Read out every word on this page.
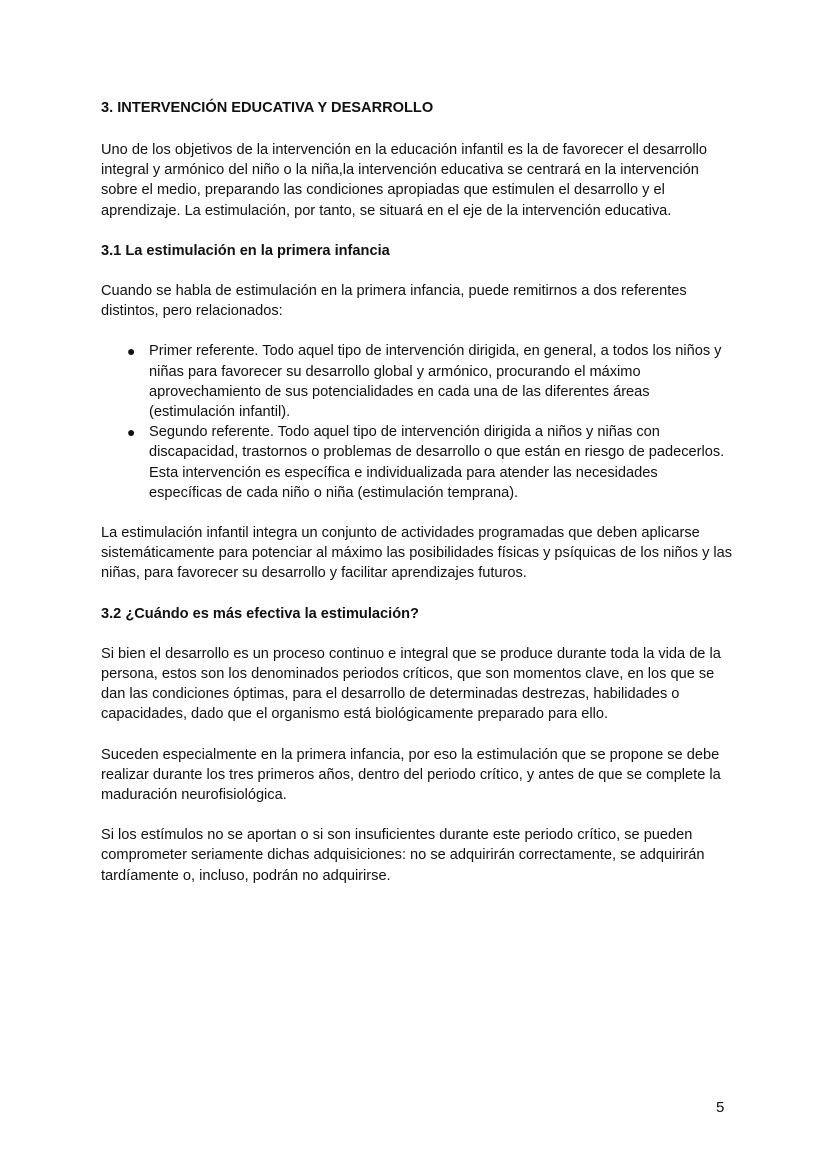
3. INTERVENCIÓN EDUCATIVA Y DESARROLLO

Uno de los objetivos de la intervención en la educación infantil es la de favorecer el desarrollo integral y armónico del niño o la niña,la intervención educativa se centrará en la intervención sobre el medio, preparando las condiciones apropiadas que estimulen el desarrollo y el aprendizaje. La estimulación, por tanto, se situará en el eje de la intervención educativa.

3.1 La estimulación en la primera infancia

Cuando se habla de estimulación en la primera infancia, puede remitirnos a dos referentes distintos, pero relacionados:

● Primer referente. Todo aquel tipo de intervención dirigida, en general, a todos los niños y niñas para favorecer su desarrollo global y armónico, procurando el máximo aprovechamiento de sus potencialidades en cada una de las diferentes áreas (estimulación infantil).
● Segundo referente. Todo aquel tipo de intervención dirigida a niños y niñas con discapacidad, trastornos o problemas de desarrollo o que están en riesgo de padecerlos. Esta intervención es específica e individualizada para atender las necesidades específicas de cada niño o niña (estimulación temprana).

La estimulación infantil integra un conjunto de actividades programadas que deben aplicarse sistemáticamente para potenciar al máximo las posibilidades físicas y psíquicas de los niños y las niñas, para favorecer su desarrollo y facilitar aprendizajes futuros.

3.2 ¿Cuándo es más efectiva la estimulación?

Si bien el desarrollo es un proceso continuo e integral que se produce durante toda la vida de la persona, estos son los denominados periodos críticos, que son momentos clave, en los que se dan las condiciones óptimas, para el desarrollo de determinadas destrezas, habilidades o capacidades, dado que el organismo está biológicamente preparado para ello.

Suceden especialmente en la primera infancia, por eso la estimulación que se propone se debe realizar durante los tres primeros años, dentro del periodo crítico, y antes de que se complete la maduración neurofisiológica.

Si los estímulos no se aportan o si son insuficientes durante este periodo crítico, se pueden comprometer seriamente dichas adquisiciones: no se adquirirán correctamente, se adquirirán tardíamente o, incluso, podrán no adquirirse.

5
